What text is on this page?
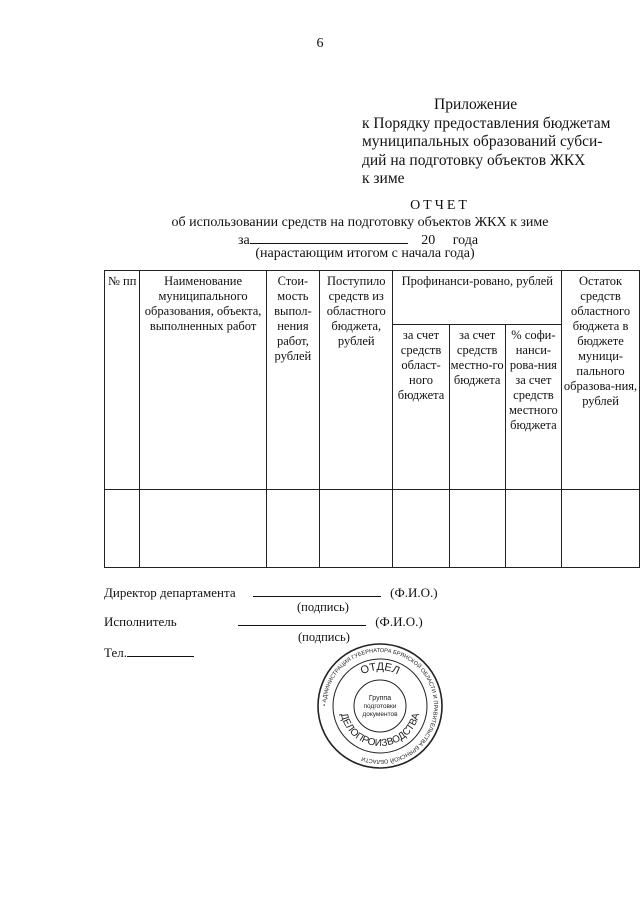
6
Приложение
к Порядку предоставления бюджетам
муниципальных образований субси-
дий на подготовку объектов ЖКХ
к зиме
ОТЧЕТ
об использовании средств на подготовку объектов ЖКХ к зиме
за	20 года
(нарастающим итогом с начала года)
№ пп	Наименование муниципального образования, объекта, выполненных работ	Стои-мость выпол-нения работ, рублей	Поступило средств из областного бюджета, рублей	Профинанси-ровано, рублей			Остаток средств областного бюджета в бюджете муници-пального образова-ния, рублей
				за счет средств област-ного бюджета	за счет средств местно-го бюджета	% софи-нанси-рова-ния за счет средств местного бюджета	

Директор департамента	(Ф.И.О.)
(подпись)
Исполнитель	(Ф.И.О.)
(подпись)
Тел.
• АДМИНИСТРАЦИЯ ГУБЕРНАТОРА БРЯНСКОЙ ОБЛАСТИ И ПРАВИТЕЛЬСТВА БРЯНСКОЙ ОБЛАСТИ
ОТДЕЛ
ДЕЛОПРОИЗВОДСТВА
Группа
подготовки
документов
